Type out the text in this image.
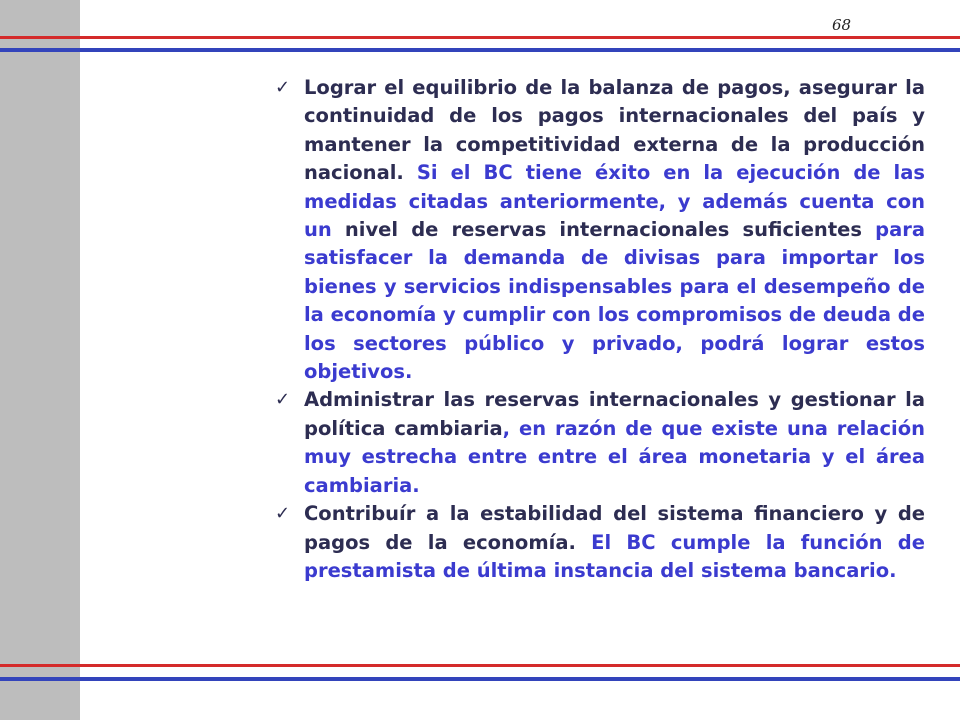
68
✓ Lograr el equilibrio de la balanza de pagos, asegurar la continuidad de los pagos internacionales del país y mantener la competitividad externa de la producción nacional. Si el BC tiene éxito en la ejecución de las medidas citadas anteriormente, y además cuenta con un nivel de reservas internacionales suficientes para satisfacer la demanda de divisas para importar los bienes y servicios indispensables para el desempeño de la economía y cumplir con los compromisos de deuda de los sectores público y privado, podrá lograr estos objetivos.
✓ Administrar las reservas internacionales y gestionar la política cambiaria, en razón de que existe una relación muy estrecha entre entre el área monetaria y el área cambiaria.
✓ Contribuír a la estabilidad del sistema financiero y de pagos de la economía. El BC cumple la función de prestamista de última instancia del sistema bancario.
